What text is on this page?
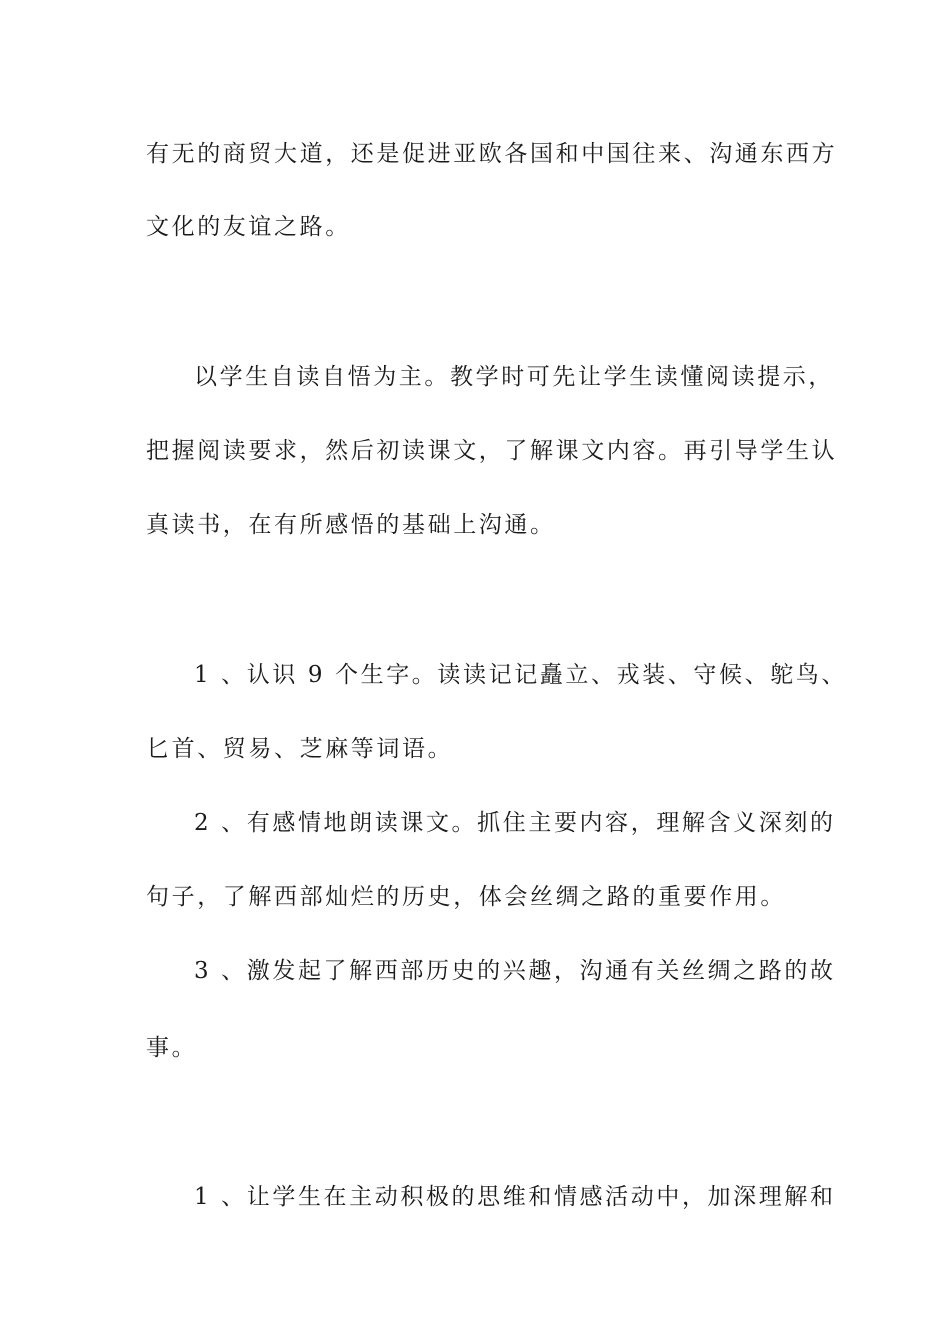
有无的商贸大道，还是促进亚欧各国和中国往来、沟通东西方
文化的友谊之路。
以学生自读自悟为主。教学时可先让学生读懂阅读提示，
把握阅读要求，然后初读课文，了解课文内容。再引导学生认
真读书，在有所感悟的基础上沟通。
1 、认识 9 个生字。读读记记矗立、戎装、守候、鸵鸟、
匕首、贸易、芝麻等词语。
2 、有感情地朗读课文。抓住主要内容，理解含义深刻的
句子，了解西部灿烂的历史，体会丝绸之路的重要作用。
3 、激发起了解西部历史的兴趣，沟通有关丝绸之路的故
事。
1 、让学生在主动积极的思维和情感活动中，加深理解和
